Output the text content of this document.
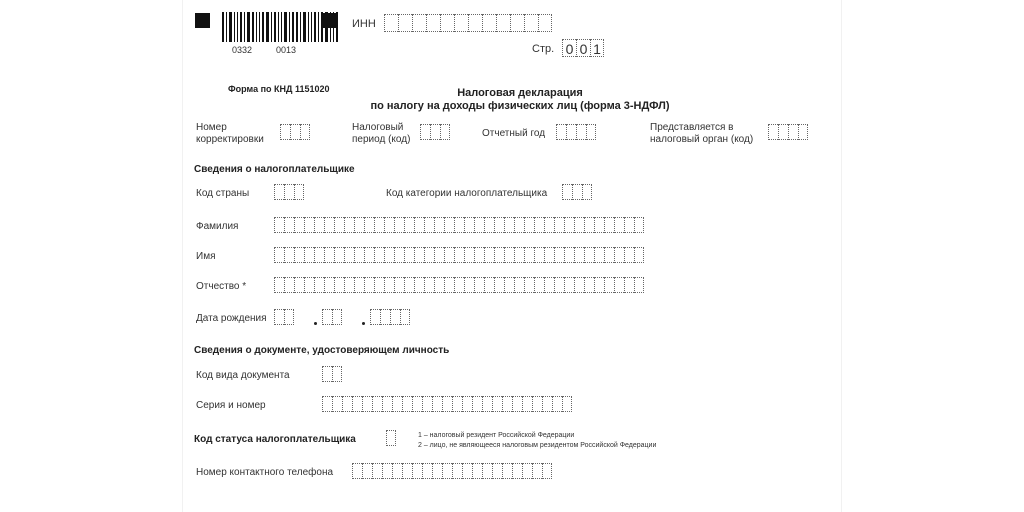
0332	0013
ИНН
Стр. 0 0 1
Форма по КНД 1151020	Налоговая декларация
по налогу на доходы физических лиц (форма 3-НДФЛ)
Номер
корректировки
Налоговый
период (код)
Отчетный год
Представляется в
налоговый орган (код)
Сведения о налогоплательщике
Код страны	Код категории налогоплательщика
Фамилия
Имя
Отчество *
Дата рождения
Сведения о документе, удостоверяющем личность
Код вида документа
Серия и номер
Код статуса налогоплательщика	1 – налоговый резидент Российской Федерации
2 – лицо, не являющееся налоговым резидентом Российской Федерации
Номер контактного телефона
